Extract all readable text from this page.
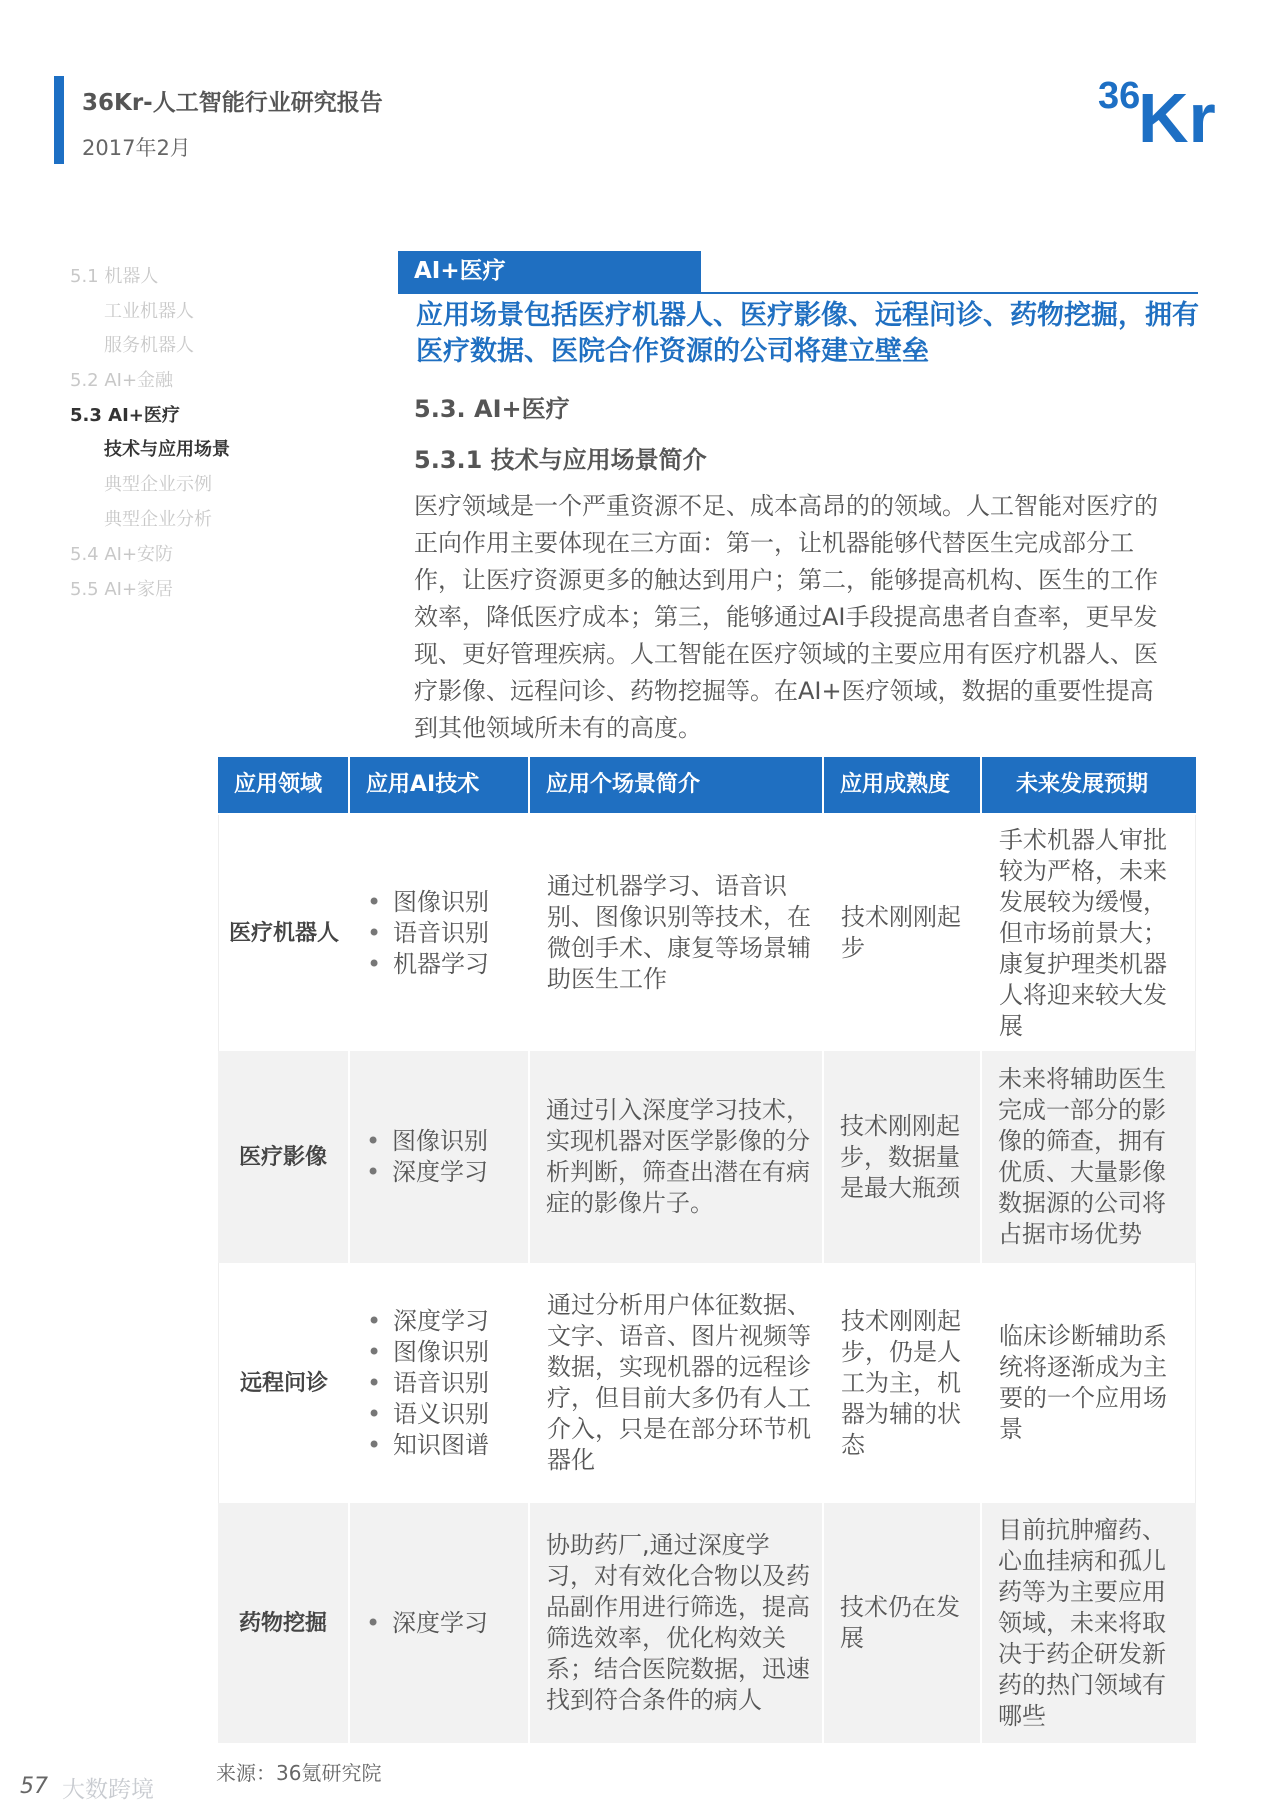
36Kr-人工智能行业研究报告
2017年2月
36
Kr
5.1 机器人
工业机器人
服务机器人
5.2 AI+金融
5.3 AI+医疗
技术与应用场景
典型企业示例
典型企业分析
5.4 AI+安防
5.5 AI+家居
AI+医疗
应用场景包括医疗机器人、医疗影像、远程问诊、药物挖掘，拥有医疗数据、医院合作资源的公司将建立壁垒
5.3. AI+医疗
5.3.1 技术与应用场景简介
医疗领域是一个严重资源不足、成本高昂的的领域。人工智能对医疗的正向作用主要体现在三方面：第一，让机器能够代替医生完成部分工作，让医疗资源更多的触达到用户；第二，能够提高机构、医生的工作效率，降低医疗成本；第三，能够通过AI手段提高患者自查率，更早发现、更好管理疾病。人工智能在医疗领域的主要应用有医疗机器人、医疗影像、远程问诊、药物挖掘等。在AI+医疗领域，数据的重要性提高到其他领域所未有的高度。
应用领域	应用AI技术	应用个场景简介	应用成熟度	未来发展预期
医疗机器人
• 图像识别
• 语音识别
• 机器学习
通过机器学习、语音识别、图像识别等技术，在微创手术、康复等场景辅助医生工作
技术刚刚起步
手术机器人审批较为严格，未来发展较为缓慢，但市场前景大；康复护理类机器人将迎来较大发展
医疗影像
• 图像识别
• 深度学习
通过引入深度学习技术，实现机器对医学影像的分析判断，筛查出潜在有病症的影像片子。
技术刚刚起步，数据量是最大瓶颈
未来将辅助医生完成一部分的影像的筛查，拥有优质、大量影像数据源的公司将占据市场优势
远程问诊
• 深度学习
• 图像识别
• 语音识别
• 语义识别
• 知识图谱
通过分析用户体征数据、文字、语音、图片视频等数据，实现机器的远程诊疗，但目前大多仍有人工介入，只是在部分环节机器化
技术刚刚起步，仍是人工为主，机器为辅的状态
临床诊断辅助系统将逐渐成为主要的一个应用场景
药物挖掘
•	深度学习
协助药厂,通过深度学习，对有效化合物以及药品副作用进行筛选，提高筛选效率，优化构效关系；结合医院数据，迅速找到符合条件的病人
技术仍在发展
目前抗肿瘤药、心血挂病和孤儿药等为主要应用领域，未来将取决于药企研发新药的热门领域有哪些
来源：36氪研究院
57 大数跨境
